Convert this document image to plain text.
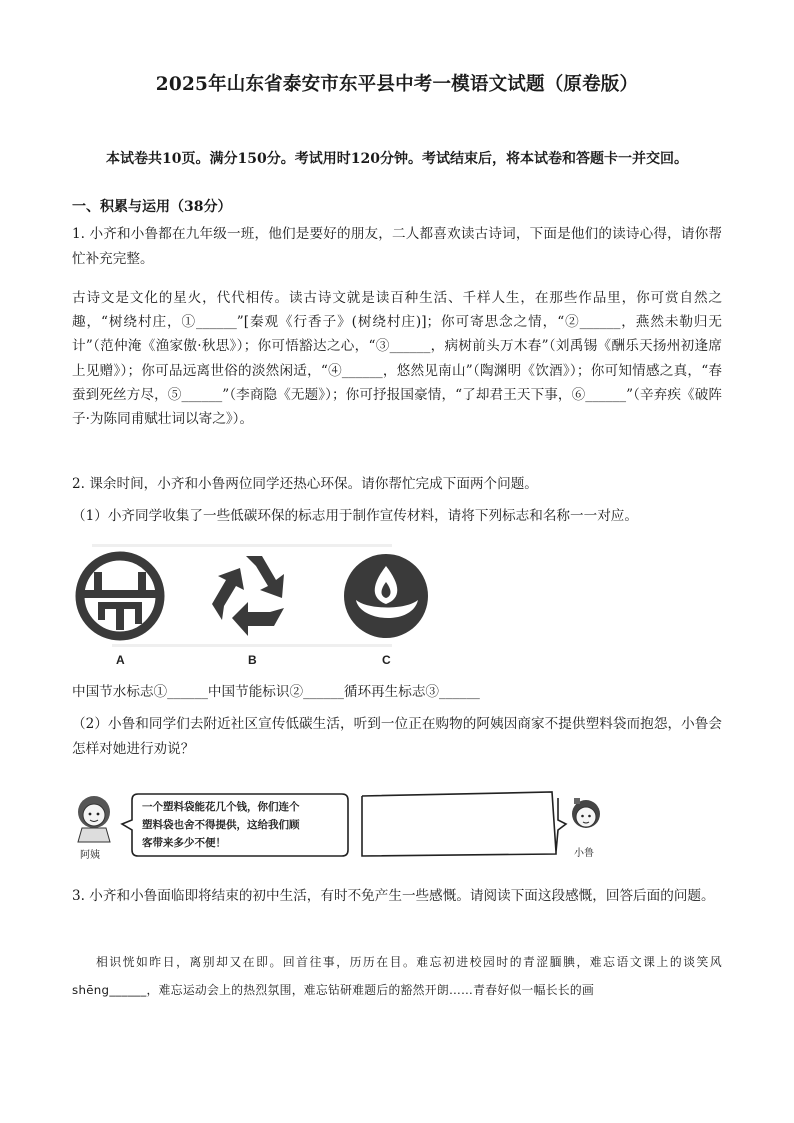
2025年山东省泰安市东平县中考一模语文试题（原卷版）
本试卷共10页。满分150分。考试用时120分钟。考试结束后，将本试卷和答题卡一并交回。
一、积累与运用（38分）
1. 小齐和小鲁都在九年级一班，他们是要好的朋友，二人都喜欢读古诗词，下面是他们的读诗心得，请你帮忙补充完整。
古诗文是文化的星火，代代相传。读古诗文就是读百种生活、千样人生，在那些作品里，你可赏自然之趣，“树绕村庄，①______”[秦观《行香子》(树绕村庄)]；你可寄思念之情，“②______，燕然未勒归无计”（范仲淹《渔家傲·秋思》）；你可悟豁达之心，“③______，病树前头万木春”（刘禹锡《酬乐天扬州初逢席上见赠》）；你可品远离世俗的淡然闲适，“④______，悠然见南山”（陶渊明《饮酒》）；你可知情感之真，“春蚕到死丝方尽，⑤______”（李商隐《无题》）；你可抒报国豪情，“了却君王天下事，⑥______”（辛弃疾《破阵子·为陈同甫赋壮词以寄之》）。
2. 课余时间，小齐和小鲁两位同学还热心环保。请你帮忙完成下面两个问题。
（1）小齐同学收集了一些低碳环保的标志用于制作宣传材料，请将下列标志和名称一一对应。
A	B	C
中国节水标志①______中国节能标识②______循环再生标志③______
（2）小鲁和同学们去附近社区宣传低碳生活，听到一位正在购物的阿姨因商家不提供塑料袋而抱怨，小鲁会怎样对她进行劝说？
阿姨
一个塑料袋能花几个钱，你们连个
塑料袋也舍不得提供，这给我们顾
客带来多少不便！
小鲁
3. 小齐和小鲁面临即将结束的初中生活，有时不免产生一些感慨。请阅读下面这段感慨，回答后面的问题。
相识恍如昨日，离别却又在即。回首往事，历历在目。难忘初进校园时的青涩腼腆，难忘语文课上的谈笑风 shēng______，难忘运动会上的热烈氛围，难忘钻研难题后的豁然开朗……青春好似一幅长长的画
